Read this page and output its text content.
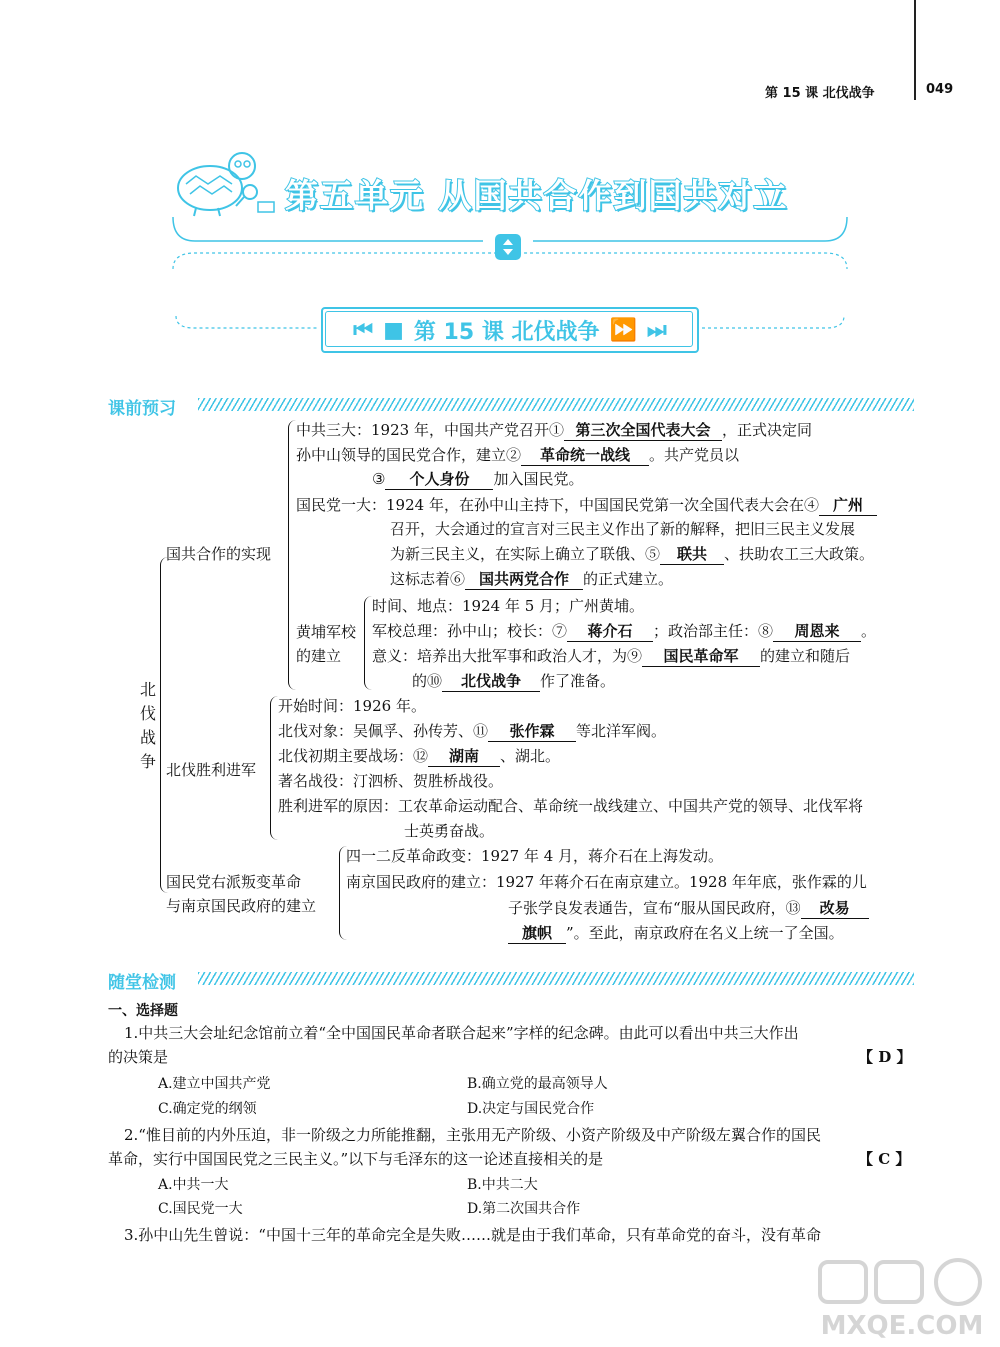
第 15 课 北伐战争	049
第五单元 从国共合作到国共对立
⏮ ■ 第 15 课 北伐战争 ⏩ ⏭
课前预习
北伐战争
国共合作的实现
中共三大：1923 年，中国共产党召开① 第三次全国代表大会 ，正式决定同
孙中山领导的国民党合作，建立② 革命统一战线 。共产党员以
③ 个人身份 加入国民党。
国民党一大：1924 年，在孙中山主持下，中国国民党第一次全国代表大会在④ 广州
召开，大会通过的宣言对三民主义作出了新的解释，把旧三民主义发展
为新三民主义，在实际上确立了联俄、⑤ 联共 、扶助农工三大政策。
这标志着⑥ 国共两党合作 的正式建立。
黄埔军校
的建立
时间、地点：1924 年 5 月；广州黄埔。
军校总理：孙中山；校长：⑦ 蒋介石 ；政治部主任：⑧ 周恩来 。
意义：培养出大批军事和政治人才，为⑨ 国民革命军 的建立和随后
的⑩ 北伐战争 作了准备。
北伐胜利进军
开始时间：1926 年。
北伐对象：吴佩孚、孙传芳、⑪ 张作霖 等北洋军阀。
北伐初期主要战场：⑫ 湖南 、湖北。
著名战役：汀泗桥、贺胜桥战役。
胜利进军的原因：工农革命运动配合、革命统一战线建立、中国共产党的领导、北伐军将
士英勇奋战。
国民党右派叛变革命
与南京国民政府的建立
四一二反革命政变：1927 年 4 月，蒋介石在上海发动。
南京国民政府的建立：1927 年蒋介石在南京建立。1928 年年底，张作霖的儿
子张学良发表通告，宣布“服从国民政府，⑬ 改易
旗帜 ”。至此，南京政府在名义上统一了全国。
随堂检测
一、选择题
1.中共三大会址纪念馆前立着“全中国国民革命者联合起来”字样的纪念碑。由此可以看出中共三大作出
的决策是	【 D 】
A.建立中国共产党	B.确立党的最高领导人
C.确定党的纲领	D.决定与国民党合作
2.“惟目前的内外压迫，非一阶级之力所能推翻，主张用无产阶级、小资产阶级及中产阶级左翼合作的国民
革命，实行中国国民党之三民主义。”以下与毛泽东的这一论述直接相关的是	【 C 】
A.中共一大	B.中共二大
C.国民党一大	D.第二次国共合作
3.孙中山先生曾说：“中国十三年的革命完全是失败……就是由于我们革命，只有革命党的奋斗，没有革命
MXQE.COM
